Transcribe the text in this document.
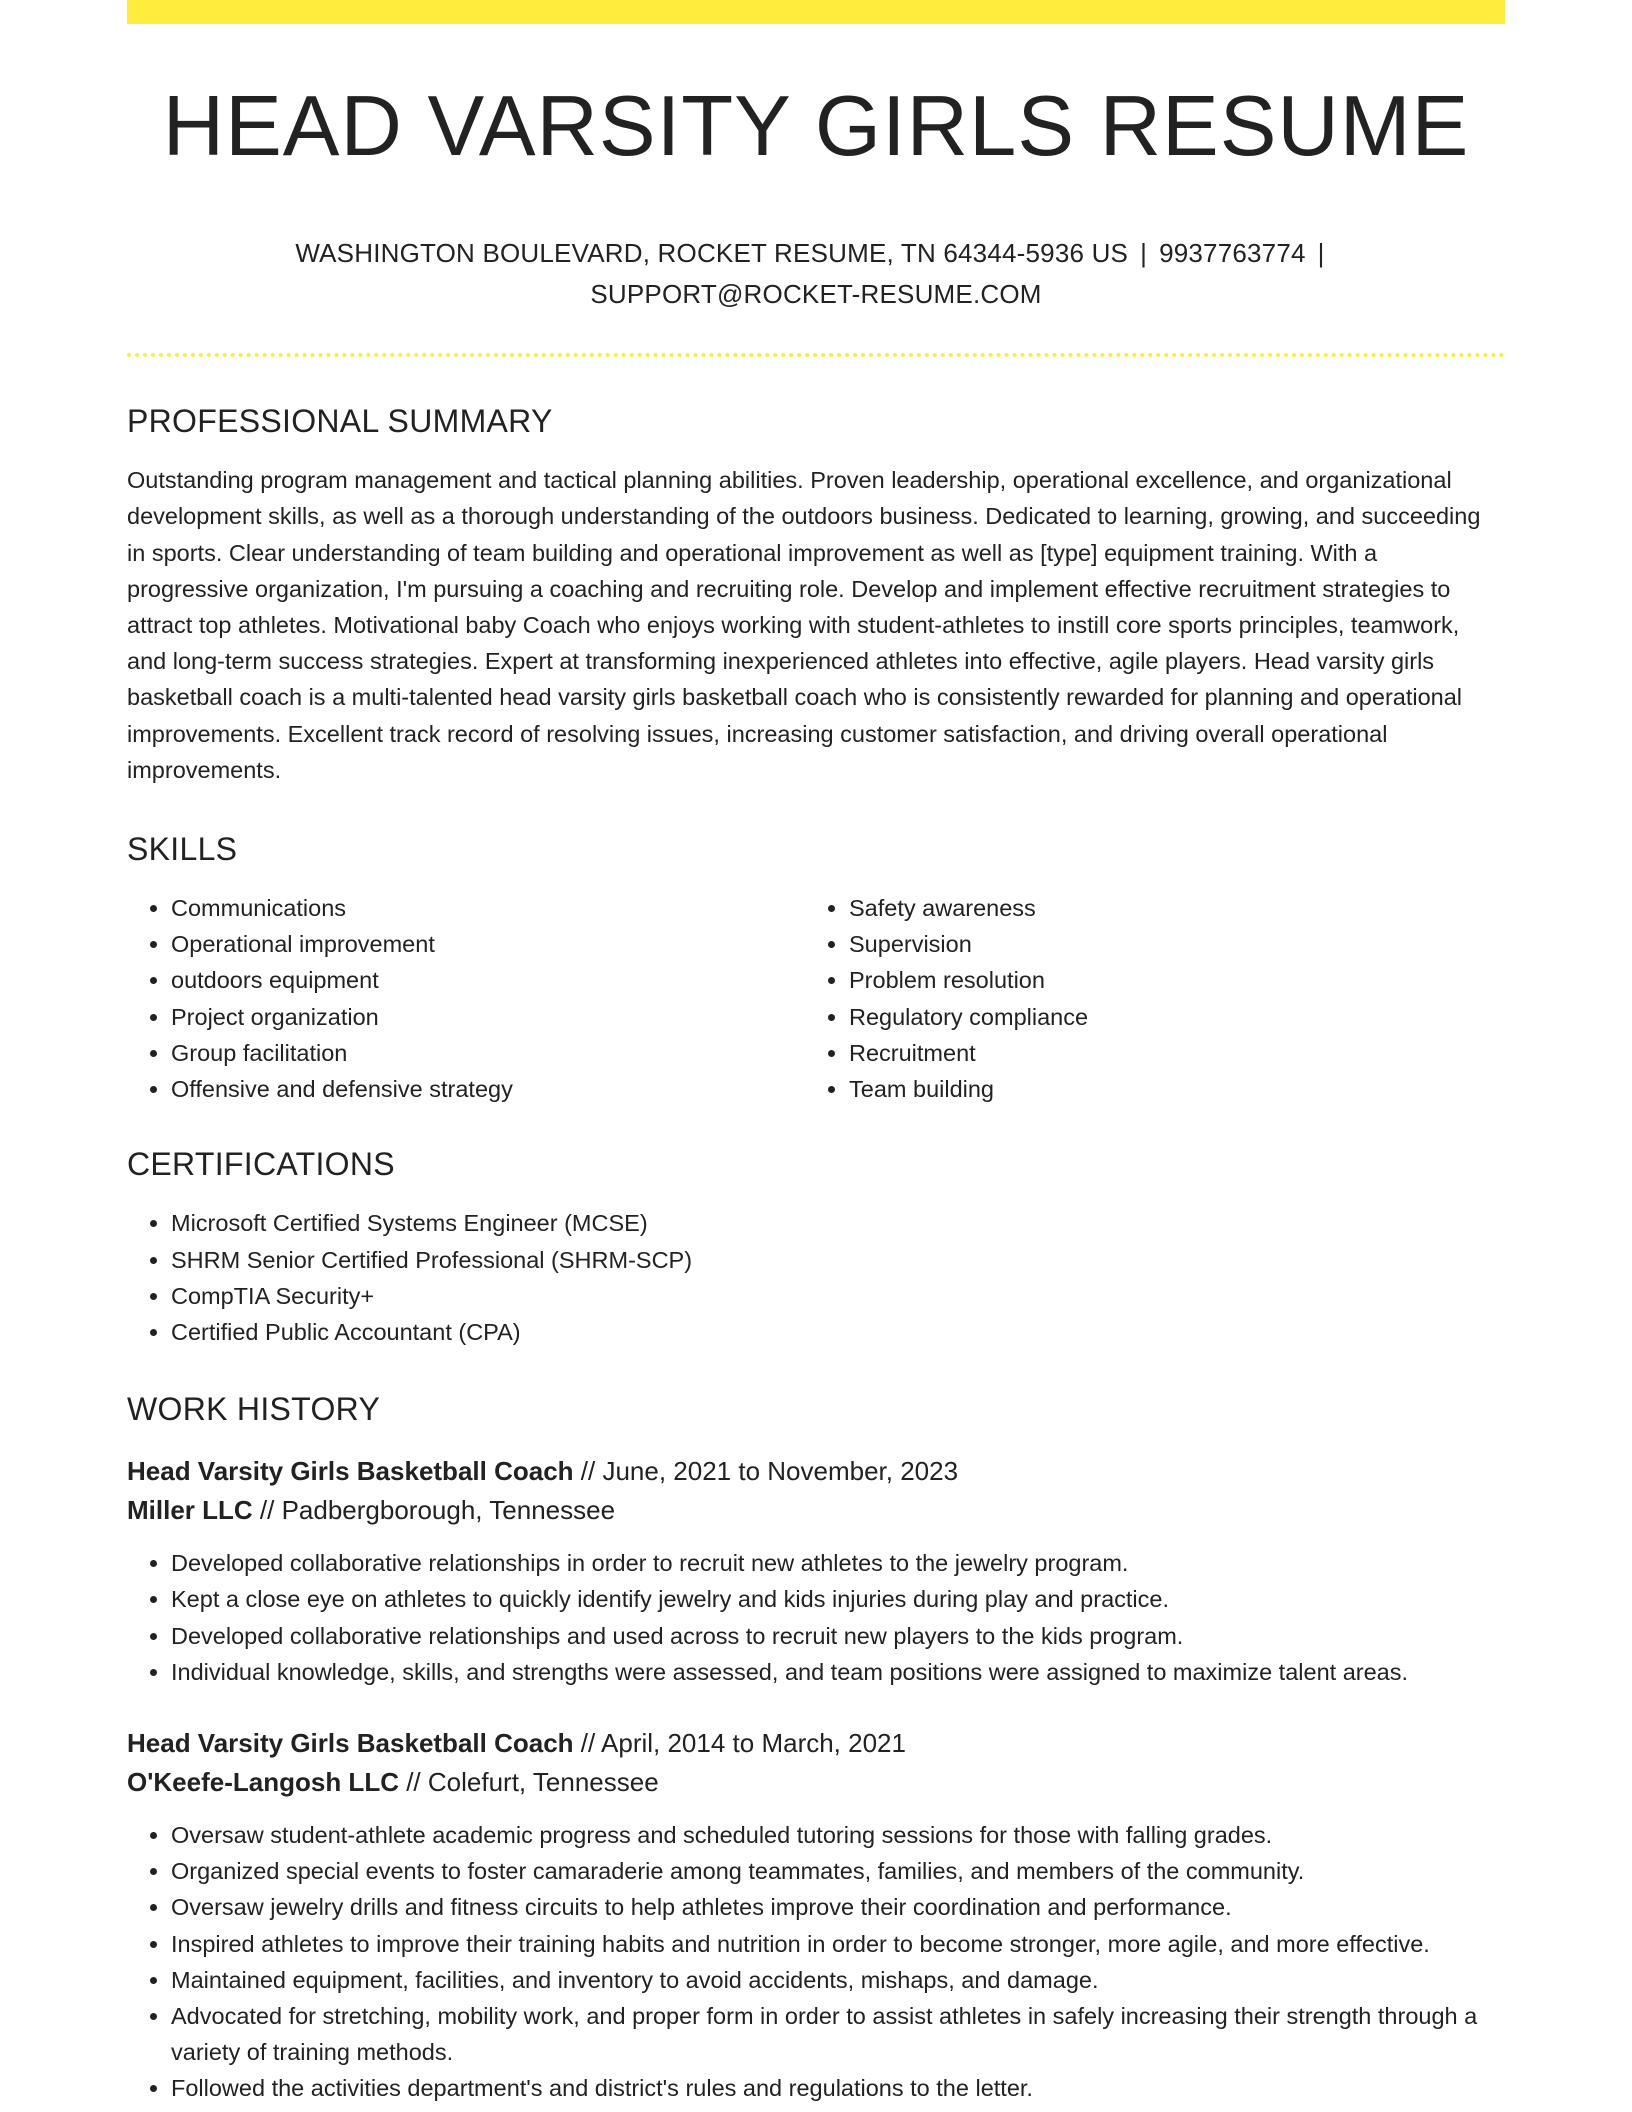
HEAD VARSITY GIRLS RESUME
WASHINGTON BOULEVARD, ROCKET RESUME, TN 64344-5936 US | 9937763774 |
SUPPORT@ROCKET-RESUME.COM
PROFESSIONAL SUMMARY

Outstanding program management and tactical planning abilities. Proven leadership, operational excellence, and organizational development skills, as well as a thorough understanding of the outdoors business. Dedicated to learning, growing, and succeeding in sports. Clear understanding of team building and operational improvement as well as [type] equipment training. With a progressive organization, I'm pursuing a coaching and recruiting role. Develop and implement effective recruitment strategies to attract top athletes. Motivational baby Coach who enjoys working with student-athletes to instill core sports principles, teamwork, and long-term success strategies. Expert at transforming inexperienced athletes into effective, agile players. Head varsity girls basketball coach is a multi-talented head varsity girls basketball coach who is consistently rewarded for planning and operational improvements. Excellent track record of resolving issues, increasing customer satisfaction, and driving overall operational improvements.

SKILLS
• Communications
• Operational improvement
• outdoors equipment
• Project organization
• Group facilitation
• Offensive and defensive strategy
• Safety awareness
• Supervision
• Problem resolution
• Regulatory compliance
• Recruitment
• Team building
CERTIFICATIONS
• Microsoft Certified Systems Engineer (MCSE)
• SHRM Senior Certified Professional (SHRM-SCP)
• CompTIA Security+
• Certified Public Accountant (CPA)
WORK HISTORY
Head Varsity Girls Basketball Coach // June, 2021 to November, 2023
Miller LLC // Padbergborough, Tennessee
• Developed collaborative relationships in order to recruit new athletes to the jewelry program.
• Kept a close eye on athletes to quickly identify jewelry and kids injuries during play and practice.
• Developed collaborative relationships and used across to recruit new players to the kids program.
• Individual knowledge, skills, and strengths were assessed, and team positions were assigned to maximize talent areas.
Head Varsity Girls Basketball Coach // April, 2014 to March, 2021
O'Keefe-Langosh LLC // Colefurt, Tennessee
• Oversaw student-athlete academic progress and scheduled tutoring sessions for those with falling grades.
• Organized special events to foster camaraderie among teammates, families, and members of the community.
• Oversaw jewelry drills and fitness circuits to help athletes improve their coordination and performance.
• Inspired athletes to improve their training habits and nutrition in order to become stronger, more agile, and more effective.
• Maintained equipment, facilities, and inventory to avoid accidents, mishaps, and damage.
• Advocated for stretching, mobility work, and proper form in order to assist athletes in safely increasing their strength through a variety of training methods.
• Followed the activities department's and district's rules and regulations to the letter.
